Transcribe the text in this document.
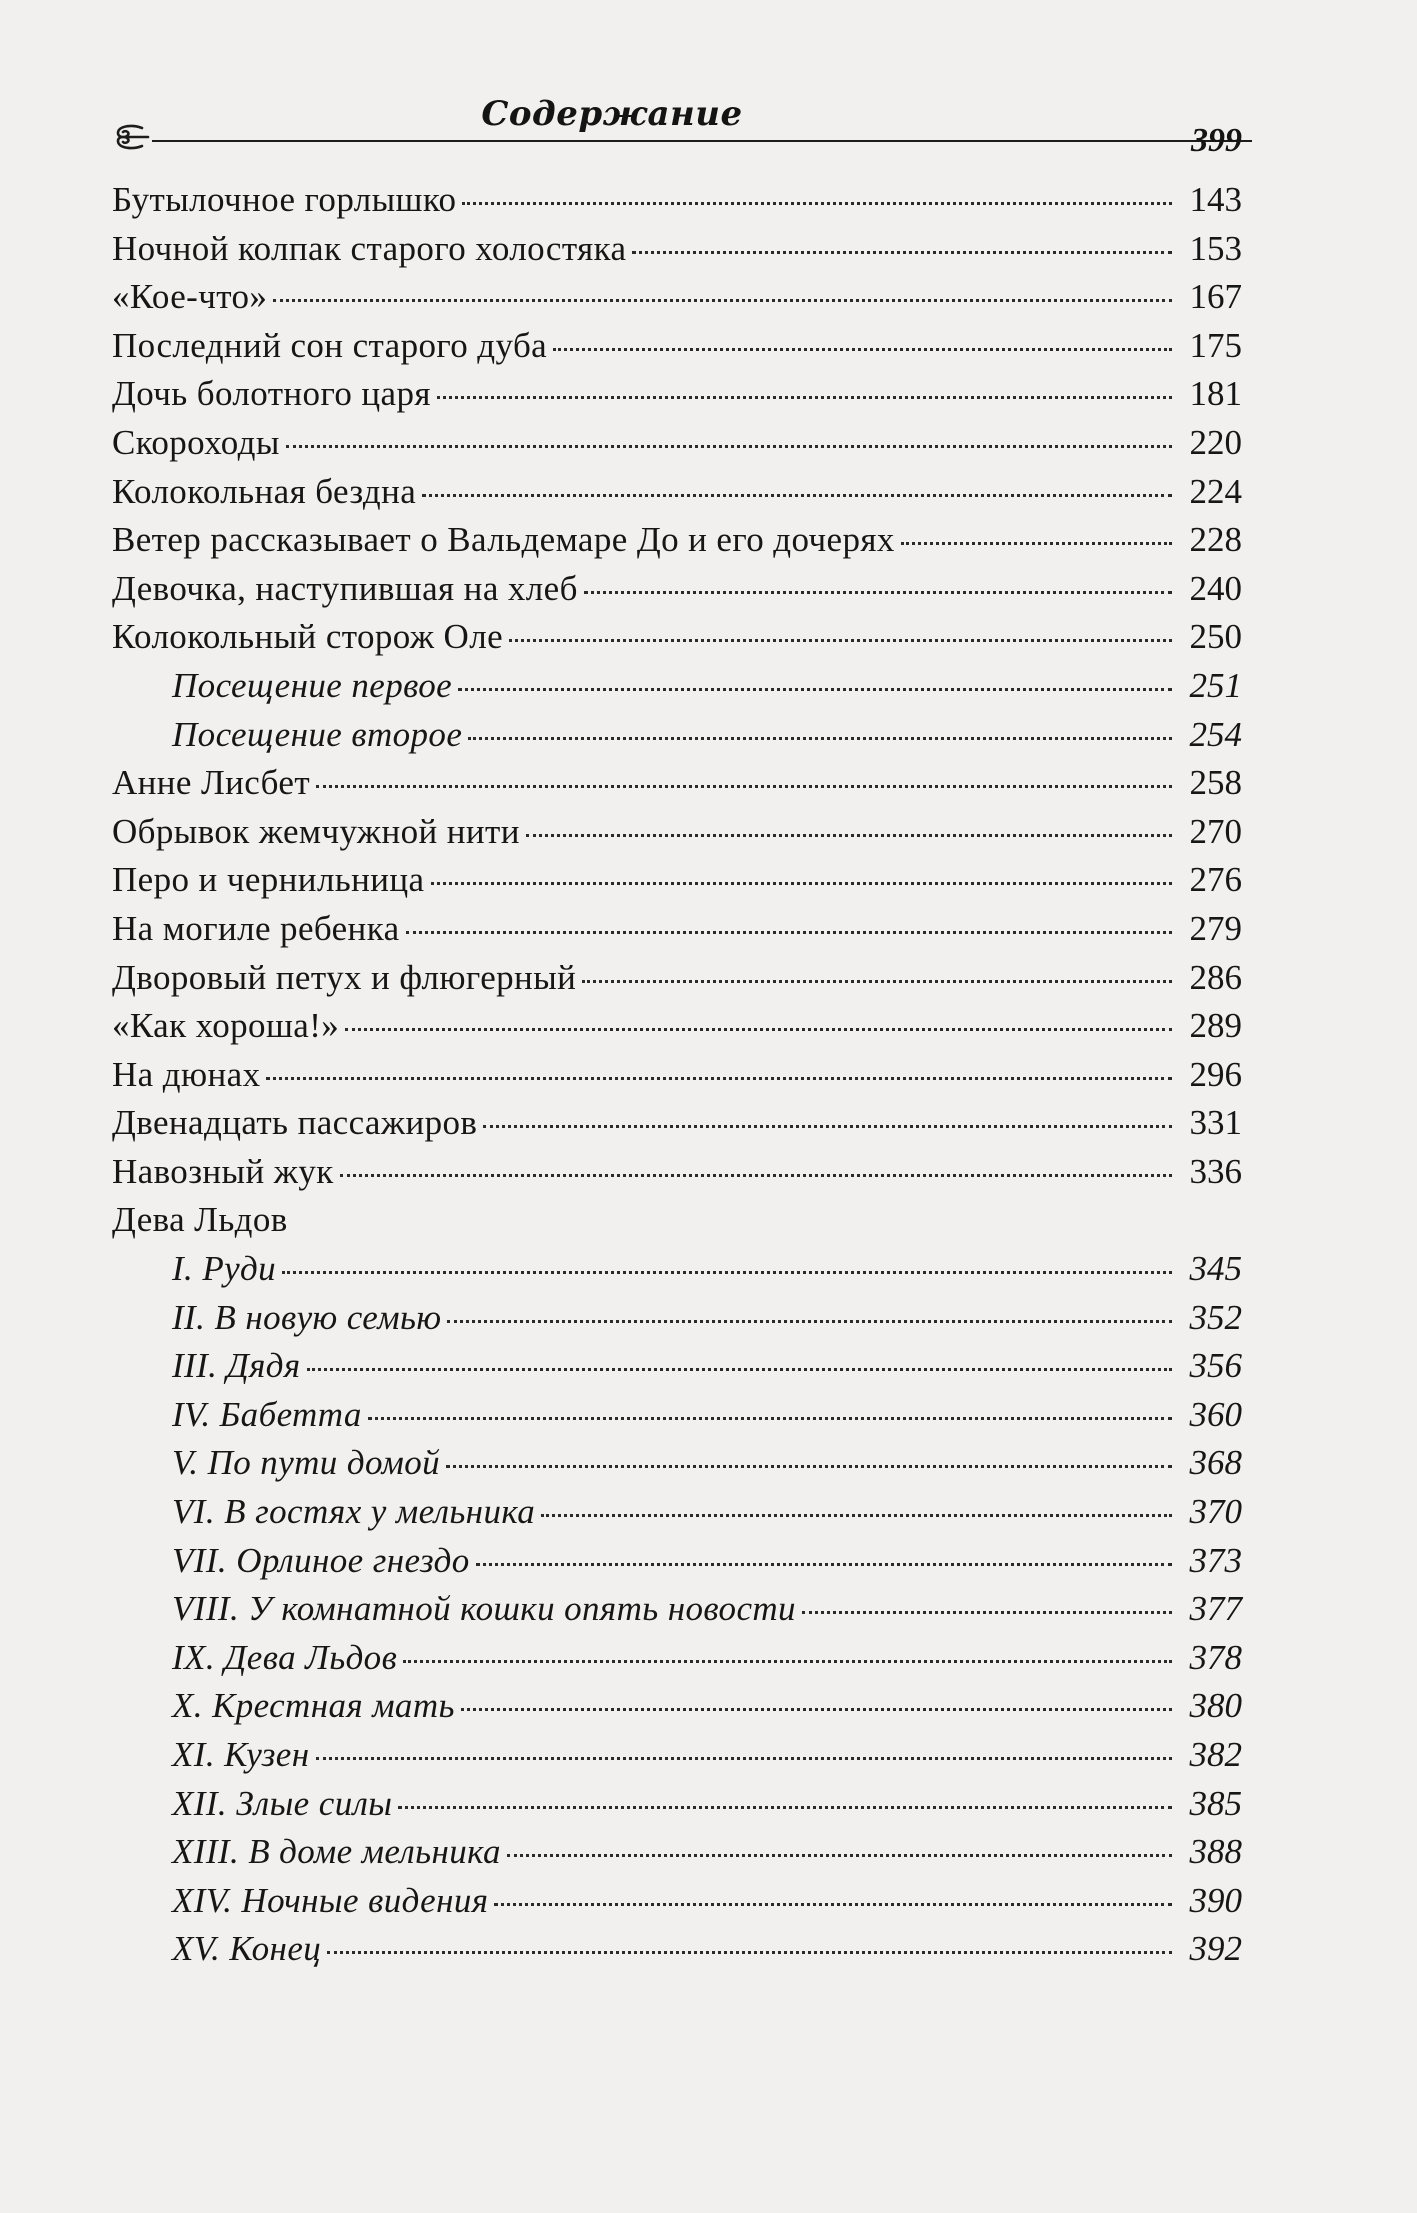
Содержание
399
Бутылочное горлышко	143
Ночной колпак старого холостяка	153
«Кое-что»	167
Последний сон старого дуба	175
Дочь болотного царя	181
Скороходы	220
Колокольная бездна	224
Ветер рассказывает о Вальдемаре До и его дочерях	228
Девочка, наступившая на хлеб	240
Колокольный сторож Оле	250
Посещение первое	251
Посещение второе	254
Анне Лисбет	258
Обрывок жемчужной нити	270
Перо и чернильница	276
На могиле ребенка	279
Дворовый петух и флюгерный	286
«Как хороша!»	289
На дюнах	296
Двенадцать пассажиров	331
Навозный жук	336
Дева Льдов
I. Руди	345
II. В новую семью	352
III. Дядя	356
IV. Бабетта	360
V. По пути домой	368
VI. В гостях у мельника	370
VII. Орлиное гнездо	373
VIII. У комнатной кошки опять новости	377
IX. Дева Льдов	378
X. Крестная мать	380
XI. Кузен	382
XII. Злые силы	385
XIII. В доме мельника	388
XIV. Ночные видения	390
XV. Конец	392
